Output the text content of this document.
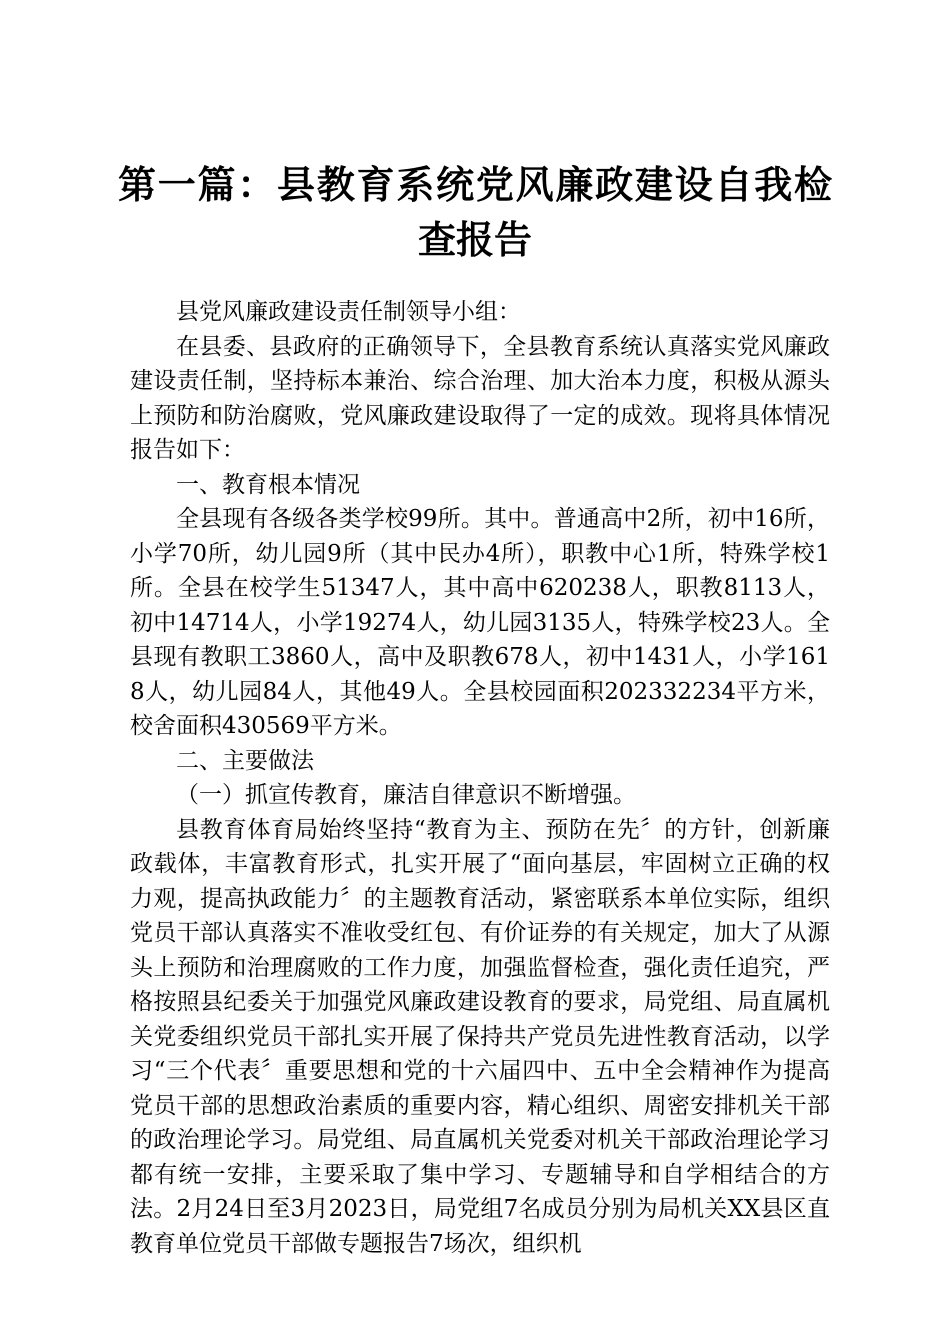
第一篇：县教育系统党风廉政建设自我检查报告

县党风廉政建设责任制领导小组：

在县委、县政府的正确领导下，全县教育系统认真落实党风廉政建设责任制，坚持标本兼治、综合治理、加大治本力度，积极从源头上预防和防治腐败，党风廉政建设取得了一定的成效。现将具体情况报告如下：

一、教育根本情况

全县现有各级各类学校99所。其中。普通高中2所，初中16所，小学70所，幼儿园9所（其中民办4所），职教中心1所，特殊学校1所。全县在校学生51347人，其中高中620238人，职教8113人，初中14714人，小学19274人，幼儿园3135人，特殊学校23人。全县现有教职工3860人，高中及职教678人，初中1431人，小学1618人，幼儿园84人，其他49人。全县校园面积202332234平方米，校舍面积430569平方米。

二、主要做法

（一）抓宣传教育，廉洁自律意识不断增强。

县教育体育局始终坚持“教育为主、预防在先〞的方针，创新廉政载体，丰富教育形式，扎实开展了“面向基层，牢固树立正确的权力观，提高执政能力〞的主题教育活动，紧密联系本单位实际，组织党员干部认真落实不准收受红包、有价证券的有关规定，加大了从源头上预防和治理腐败的工作力度，加强监督检查，强化责任追究，严格按照县纪委关于加强党风廉政建设教育的要求，局党组、局直属机关党委组织党员干部扎实开展了保持共产党员先进性教育活动，以学习“三个代表〞重要思想和党的十六届四中、五中全会精神作为提高党员干部的思想政治素质的重要内容，精心组织、周密安排机关干部的政治理论学习。局党组、局直属机关党委对机关干部政治理论学习都有统一安排，主要采取了集中学习、专题辅导和自学相结合的方法。2月24日至3月2023日，局党组7名成员分别为局机关XX县区直教育单位党员干部做专题报告7场次，组织机
